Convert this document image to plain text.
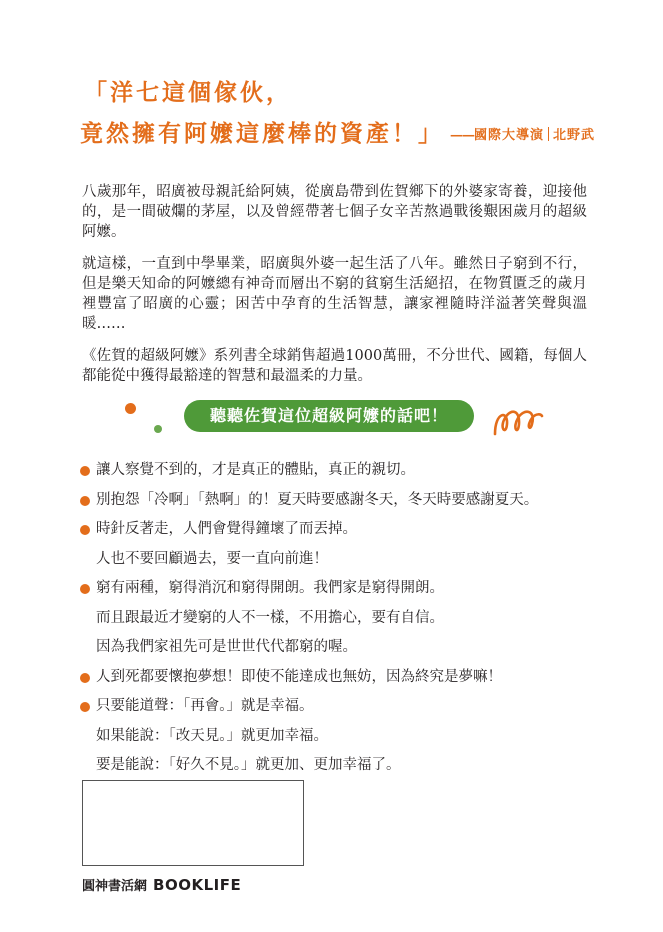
「洋七這個傢伙，
竟然擁有阿嬤這麼棒的資產！」 ——國際大導演 北野武

八歲那年，昭廣被母親託給阿姨，從廣島帶到佐賀鄉下的外婆家寄養，迎接他的，是一間破爛的茅屋，以及曾經帶著七個子女辛苦熬過戰後艱困歲月的超級阿嬤。

就這樣，一直到中學畢業，昭廣與外婆一起生活了八年。雖然日子窮到不行，但是樂天知命的阿嬤總有神奇而層出不窮的貧窮生活絕招，在物質匱乏的歲月裡豐富了昭廣的心靈；困苦中孕育的生活智慧，讓家裡隨時洋溢著笑聲與溫暖……

《佐賀的超級阿嬤》系列書全球銷售超過1000萬冊，不分世代、國籍，每個人都能從中獲得最豁達的智慧和最溫柔的力量。

聽聽佐賀這位超級阿嬤的話吧！
讓人察覺不到的，才是真正的體貼，真正的親切。
別抱怨「冷啊」「熱啊」的！夏天時要感謝冬天，冬天時要感謝夏天。
時針反著走，人們會覺得鐘壞了而丟掉。
人也不要回顧過去，要一直向前進！
窮有兩種，窮得消沉和窮得開朗。我們家是窮得開朗。
而且跟最近才變窮的人不一樣，不用擔心，要有自信。
因為我們家祖先可是世世代代都窮的喔。
人到死都要懷抱夢想！即使不能達成也無妨，因為終究是夢嘛！
只要能道聲：「再會。」就是幸福。
如果能說：「改天見。」就更加幸福。
要是能說：「好久不見。」就更加、更加幸福了。
圓神書活網 BOOKLIFE
